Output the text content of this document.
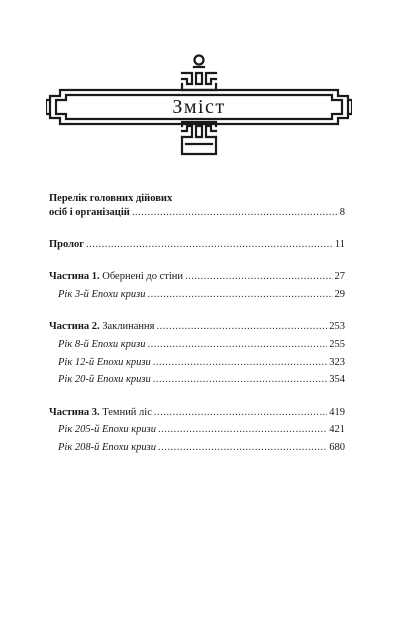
Зміст
Перелік головних дійових
осіб і організацій .....	8
Пролог .....	11
Частина 1. Обернені до стіни .....	27
Рік 3-й Епохи кризи .....	29
Частина 2. Заклинання .....	253
Рік 8-й Епохи кризи .....	255
Рік 12-й Епохи кризи .....	323
Рік 20-й Епохи кризи .....	354
Частина 3. Темний ліс .....	419
Рік 205-й Епохи кризи .....	421
Рік 208-й Епохи кризи .....	680
